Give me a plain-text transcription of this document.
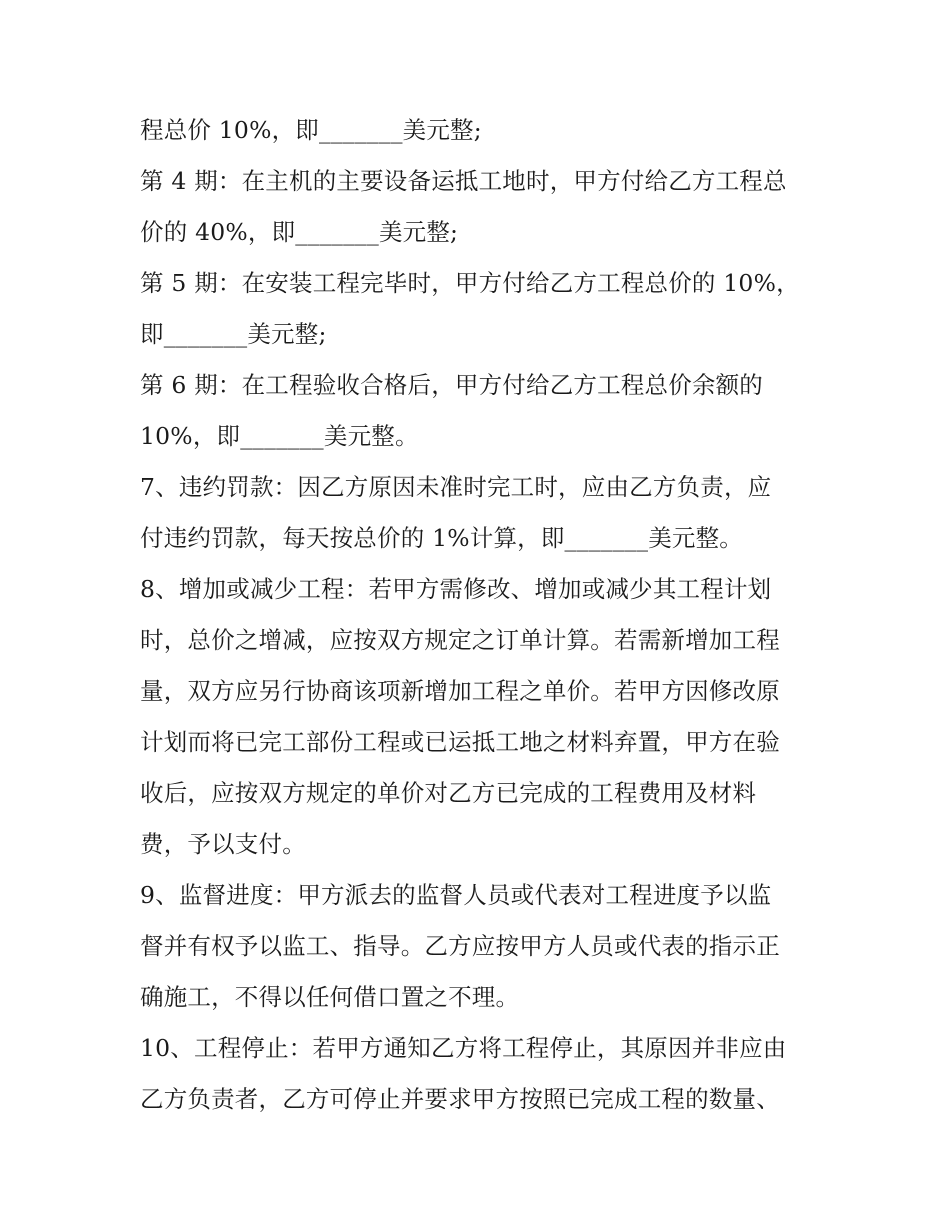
程总价 10%，即_______美元整;
第 4 期：在主机的主要设备运抵工地时，甲方付给乙方工程总
价的 40%，即_______美元整;
第 5 期：在安装工程完毕时，甲方付给乙方工程总价的 10%，
即_______美元整;
第 6 期：在工程验收合格后，甲方付给乙方工程总价余额的
10%，即_______美元整。
7、违约罚款：因乙方原因未准时完工时，应由乙方负责，应
付违约罚款，每天按总价的 1%计算，即_______美元整。
8、增加或减少工程：若甲方需修改、增加或减少其工程计划
时，总价之增减，应按双方规定之订单计算。若需新增加工程
量，双方应另行协商该项新增加工程之单价。若甲方因修改原
计划而将已完工部份工程或已运抵工地之材料弃置，甲方在验
收后，应按双方规定的单价对乙方已完成的工程费用及材料
费，予以支付。
9、监督进度：甲方派去的监督人员或代表对工程进度予以监
督并有权予以监工、指导。乙方应按甲方人员或代表的指示正
确施工，不得以任何借口置之不理。
10、工程停止：若甲方通知乙方将工程停止，其原因并非应由
乙方负责者，乙方可停止并要求甲方按照已完成工程的数量、
